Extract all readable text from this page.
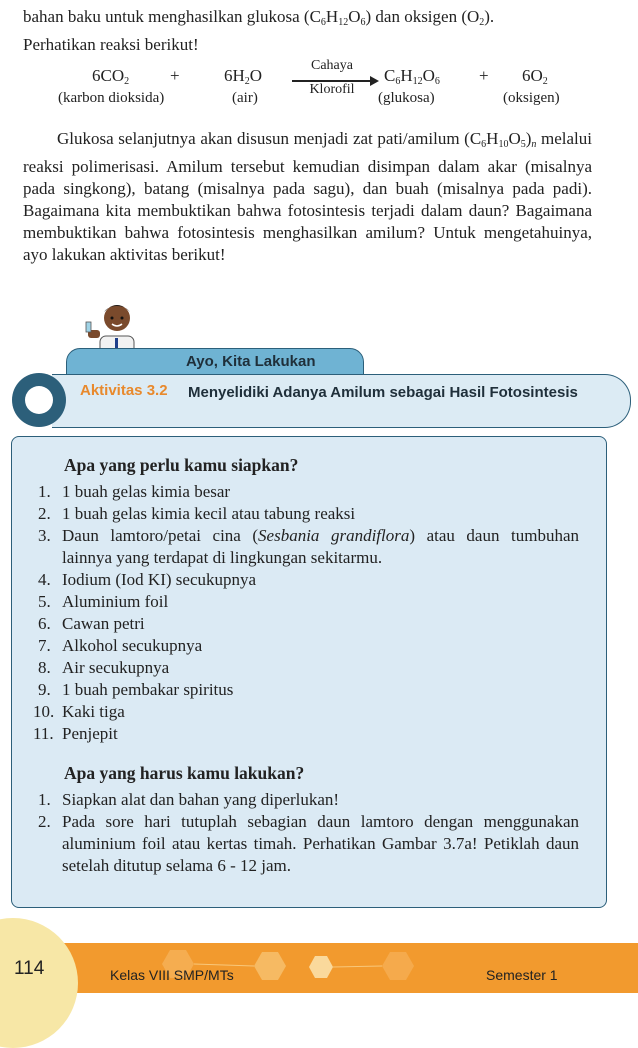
bahan baku untuk menghasilkan glukosa $(C_6H_{12}O_6)$ dan oksigen $(O_2)$.
Perhatikan reaksi berikut!
$6CO_2$ +	$6H_2O$
Cahaya
Klorofil
$C_6H_{12}O_6 + 6O_2$
(karbon dioksida)	(air)	(glukosa)	(oksigen)
Glukosa selanjutnya akan disusun menjadi zat pati/amilum $(C_6H_{10}O_5)_n$ melalui reaksi polimerisasi. Amilum tersebut kemudian disimpan dalam akar (misalnya pada singkong), batang (misalnya pada sagu), dan buah (misalnya pada padi). Bagaimana kita membuktikan bahwa fotosintesis terjadi dalam daun? Bagaimana membuktikan bahwa fotosintesis menghasilkan amilum? Untuk mengetahuinya, ayo lakukan aktivitas berikut!
Ayo, Kita Lakukan
Aktivitas 3.2 Menyelidiki Adanya Amilum sebagai Hasil Fotosintesis
Apa yang perlu kamu siapkan?
1. 1 buah gelas kimia besar
2. 1 buah gelas kimia kecil atau tabung reaksi
3. Daun lamtoro/petai cina (Sesbania grandiflora) atau daun tumbuhan lainnya yang terdapat di lingkungan sekitarmu.
4. Iodium (Iod KI) secukupnya
5. Aluminium foil
6. Cawan petri
7. Alkohol secukupnya
8. Air secukupnya
9. 1 buah pembakar spiritus
10. Kaki tiga
11. Penjepit
Apa yang harus kamu lakukan?
1. Siapkan alat dan bahan yang diperlukan!
2. Pada sore hari tutuplah sebagian daun lamtoro dengan menggunakan aluminium foil atau kertas timah. Perhatikan Gambar 3.7a! Petiklah daun setelah ditutup selama 6 - 12 jam.
114	Kelas VIII SMP/MTs	Semester 1
